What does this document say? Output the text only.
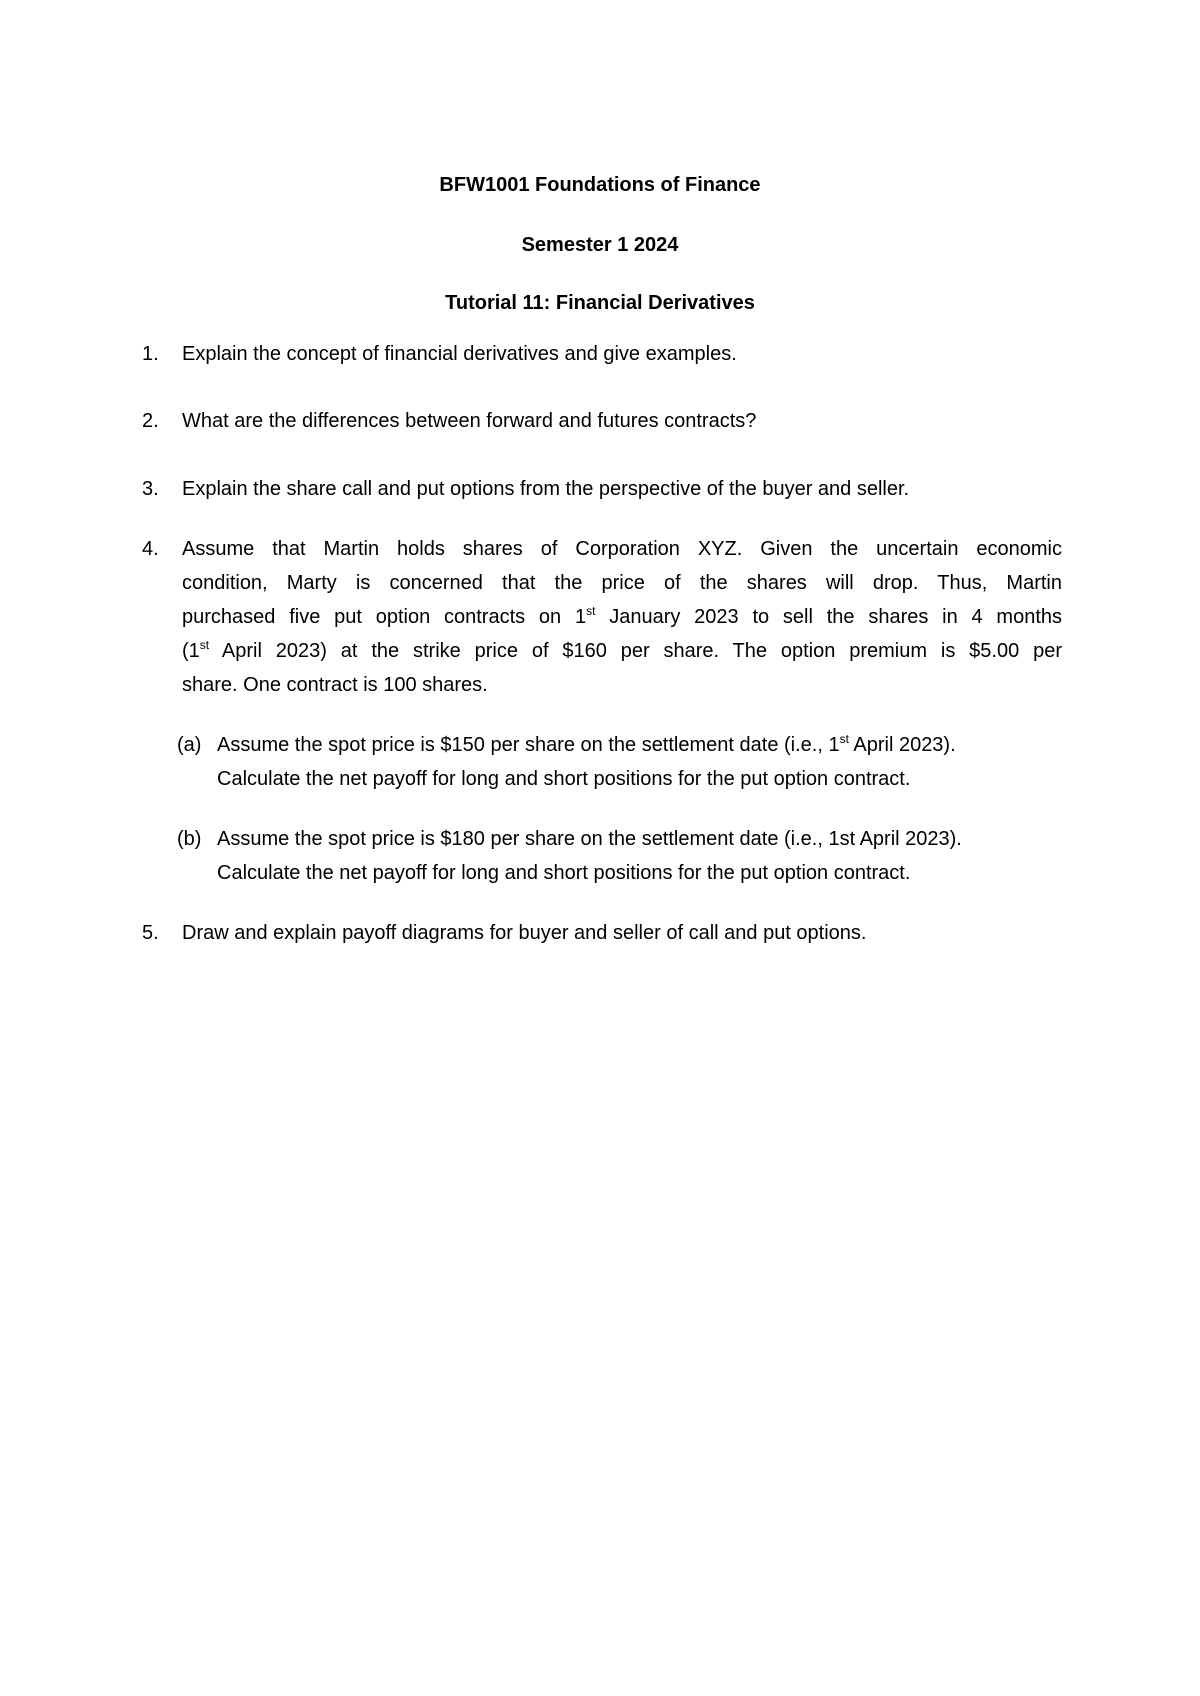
BFW1001 Foundations of Finance
Semester 1 2024
Tutorial 11: Financial Derivatives
1.	Explain the concept of financial derivatives and give examples.
2.	What are the differences between forward and futures contracts?
3.	Explain the share call and put options from the perspective of the buyer and seller.
4.	Assume that Martin holds shares of Corporation XYZ. Given the uncertain economic
condition, Marty is concerned that the price of the shares will drop. Thus, Martin
purchased five put option contracts on 1st January 2023 to sell the shares in 4 months
(1st April 2023) at the strike price of $160 per share. The option premium is $5.00 per
share. One contract is 100 shares.
(a) Assume the spot price is $150 per share on the settlement date (i.e., 1st April 2023).
Calculate the net payoff for long and short positions for the put option contract.
(b) Assume the spot price is $180 per share on the settlement date (i.e., 1st April 2023).
Calculate the net payoff for long and short positions for the put option contract.
5.	Draw and explain payoff diagrams for buyer and seller of call and put options.
